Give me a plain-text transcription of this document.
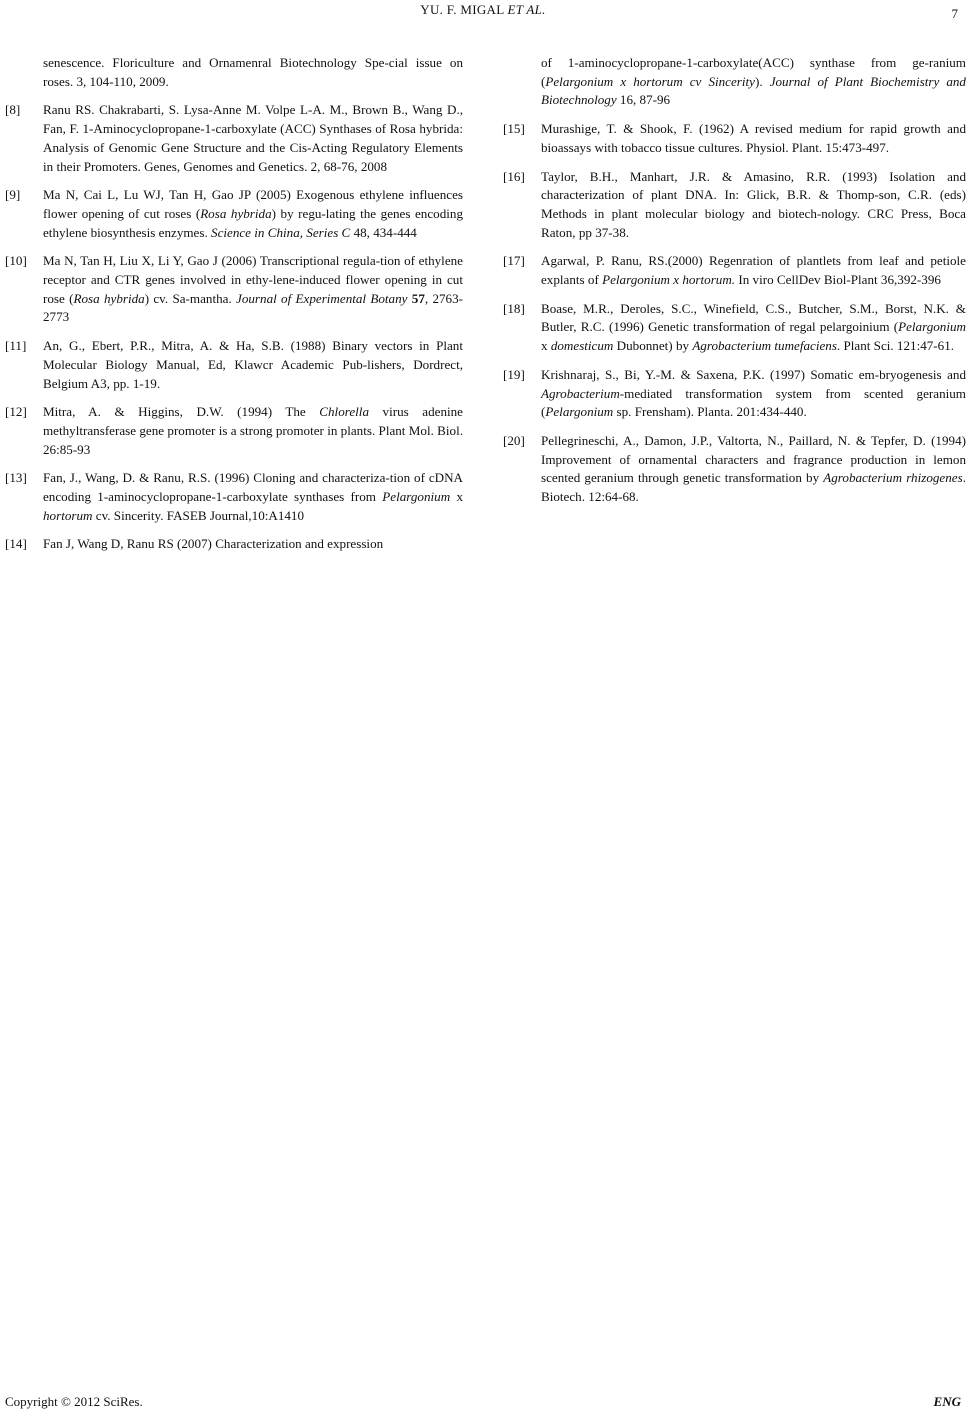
YU. F. MIGAL ET AL.	7
senescence. Floriculture and Ornamenral Biotechnology Spe-cial issue on roses. 3, 104-110, 2009.
[8]	Ranu RS. Chakrabarti, S. Lysa-Anne M. Volpe L-A. M., Brown B., Wang D., Fan, F. 1-Aminocyclopropane-1-carboxylate (ACC) Synthases of Rosa hybrida: Analysis of Genomic Gene Structure and the Cis-Acting Regulatory Elements in their Promoters. Genes, Genomes and Genetics. 2, 68-76, 2008
[9]	Ma N, Cai L, Lu WJ, Tan H, Gao JP (2005) Exogenous ethylene influences flower opening of cut roses (Rosa hybrida) by regu-lating the genes encoding ethylene biosynthesis enzymes. Science in China, Series C 48, 434-444
[10]	Ma N, Tan H, Liu X, Li Y, Gao J (2006) Transcriptional regula-tion of ethylene receptor and CTR genes involved in ethy-lene-induced flower opening in cut rose (Rosa hybrida) cv. Sa-mantha. Journal of Experimental Botany 57, 2763-2773
[11]	An, G., Ebert, P.R., Mitra, A. & Ha, S.B. (1988) Binary vectors in Plant Molecular Biology Manual, Ed, Klawcr Academic Pub-lishers, Dordrect, Belgium A3, pp. 1-19.
[12]	Mitra, A. & Higgins, D.W. (1994) The Chlorella virus adenine methyltransferase gene promoter is a strong promoter in plants. Plant Mol. Biol. 26:85-93
[13]	Fan, J., Wang, D. & Ranu, R.S. (1996) Cloning and characteriza-tion of cDNA encoding 1-aminocyclopropane-1-carboxylate synthases from Pelargonium x hortorum cv. Sincerity. FASEB Journal,10:A1410
[14]	Fan J, Wang D, Ranu RS (2007) Characterization and expression
of 1-aminocyclopropane-1-carboxylate(ACC) synthase from ge-ranium (Pelargonium x hortorum cv Sincerity). Journal of Plant Biochemistry and Biotechnology 16, 87-96
[15]	Murashige, T. & Shook, F. (1962) A revised medium for rapid growth and bioassays with tobacco tissue cultures. Physiol. Plant. 15:473-497.
[16]	Taylor, B.H., Manhart, J.R. & Amasino, R.R. (1993) Isolation and characterization of plant DNA. In: Glick, B.R. & Thomp-son, C.R. (eds) Methods in plant molecular biology and biotech-nology. CRC Press, Boca Raton, pp 37-38.
[17]	Agarwal, P. Ranu, RS.(2000) Regenration of plantlets from leaf and petiole explants of Pelargonium x hortorum. In viro CellDev Biol-Plant 36,392-396
[18]	Boase, M.R., Deroles, S.C., Winefield, C.S., Butcher, S.M., Borst, N.K. & Butler, R.C. (1996) Genetic transformation of regal pelargoinium (Pelargonium x domesticum Dubonnet) by Agrobacterium tumefaciens. Plant Sci. 121:47-61.
[19]	Krishnaraj, S., Bi, Y.-M. & Saxena, P.K. (1997) Somatic em-bryogenesis and Agrobacterium-mediated transformation system from scented geranium (Pelargonium sp. Frensham). Planta. 201:434-440.
[20]	Pellegrineschi, A., Damon, J.P., Valtorta, N., Paillard, N. & Tepfer, D. (1994) Improvement of ornamental characters and fragrance production in lemon scented geranium through genetic transformation by Agrobacterium rhizogenes. Biotech. 12:64-68.
Copyright © 2012 SciRes.	ENG
